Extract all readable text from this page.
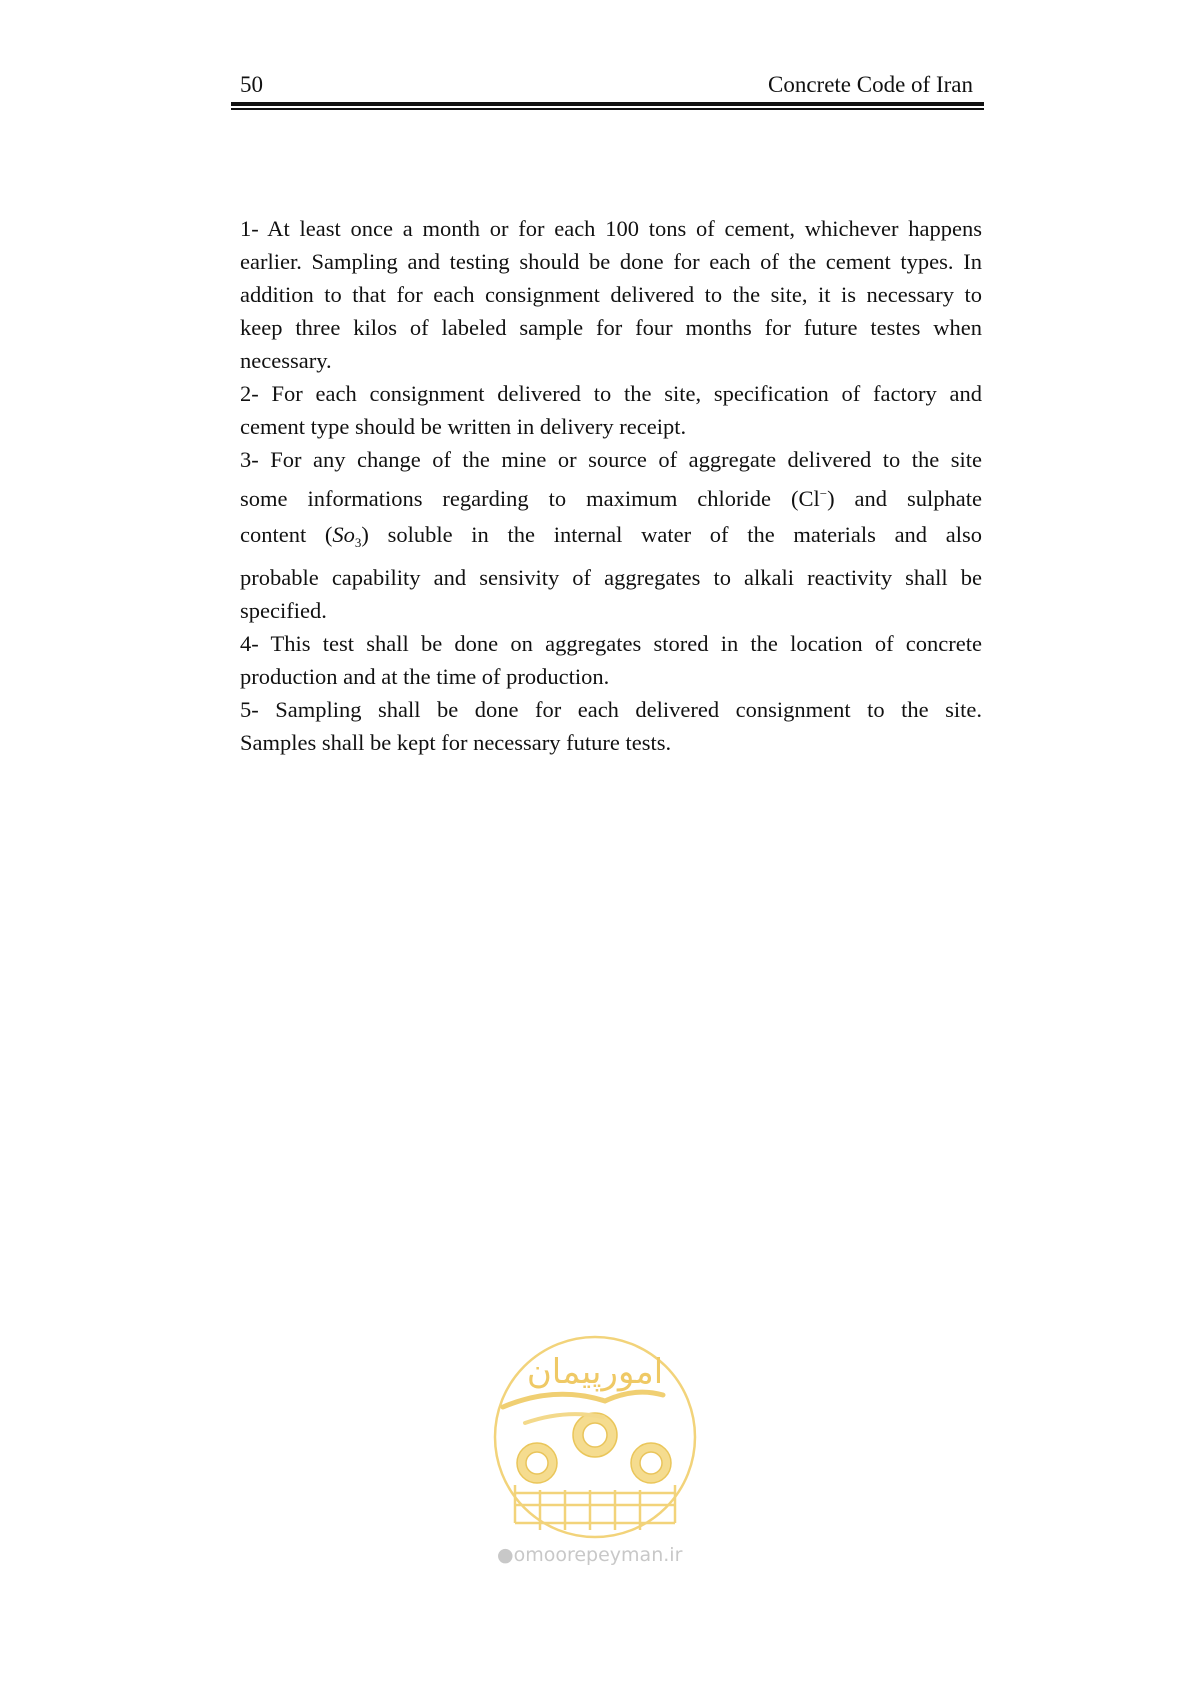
50	Concrete Code of Iran

1- At least once a month or for each 100 tons of cement, whichever happens
earlier. Sampling and testing should be done for each of the cement types. In
addition to that for each consignment delivered to the site, it is necessary to
keep three kilos of labeled sample for four months for future testes when
necessary.

2- For each consignment delivered to the site, specification of factory and
cement type should be written in delivery receipt.

3- For any change of the mine or source of aggregate delivered to the site
some informations regarding to maximum chloride (Cl−) and sulphate
content $(So_3)$ soluble in the internal water of the materials and also
probable capability and sensivity of aggregates to alkali reactivity shall be
specified.

4- This test shall be done on aggregates stored in the location of concrete
production and at the time of production.

5- Sampling shall be done for each delivered consignment to the site.
Samples shall be kept for necessary future tests.

امورپیمان
●omoorepeyman.ir
